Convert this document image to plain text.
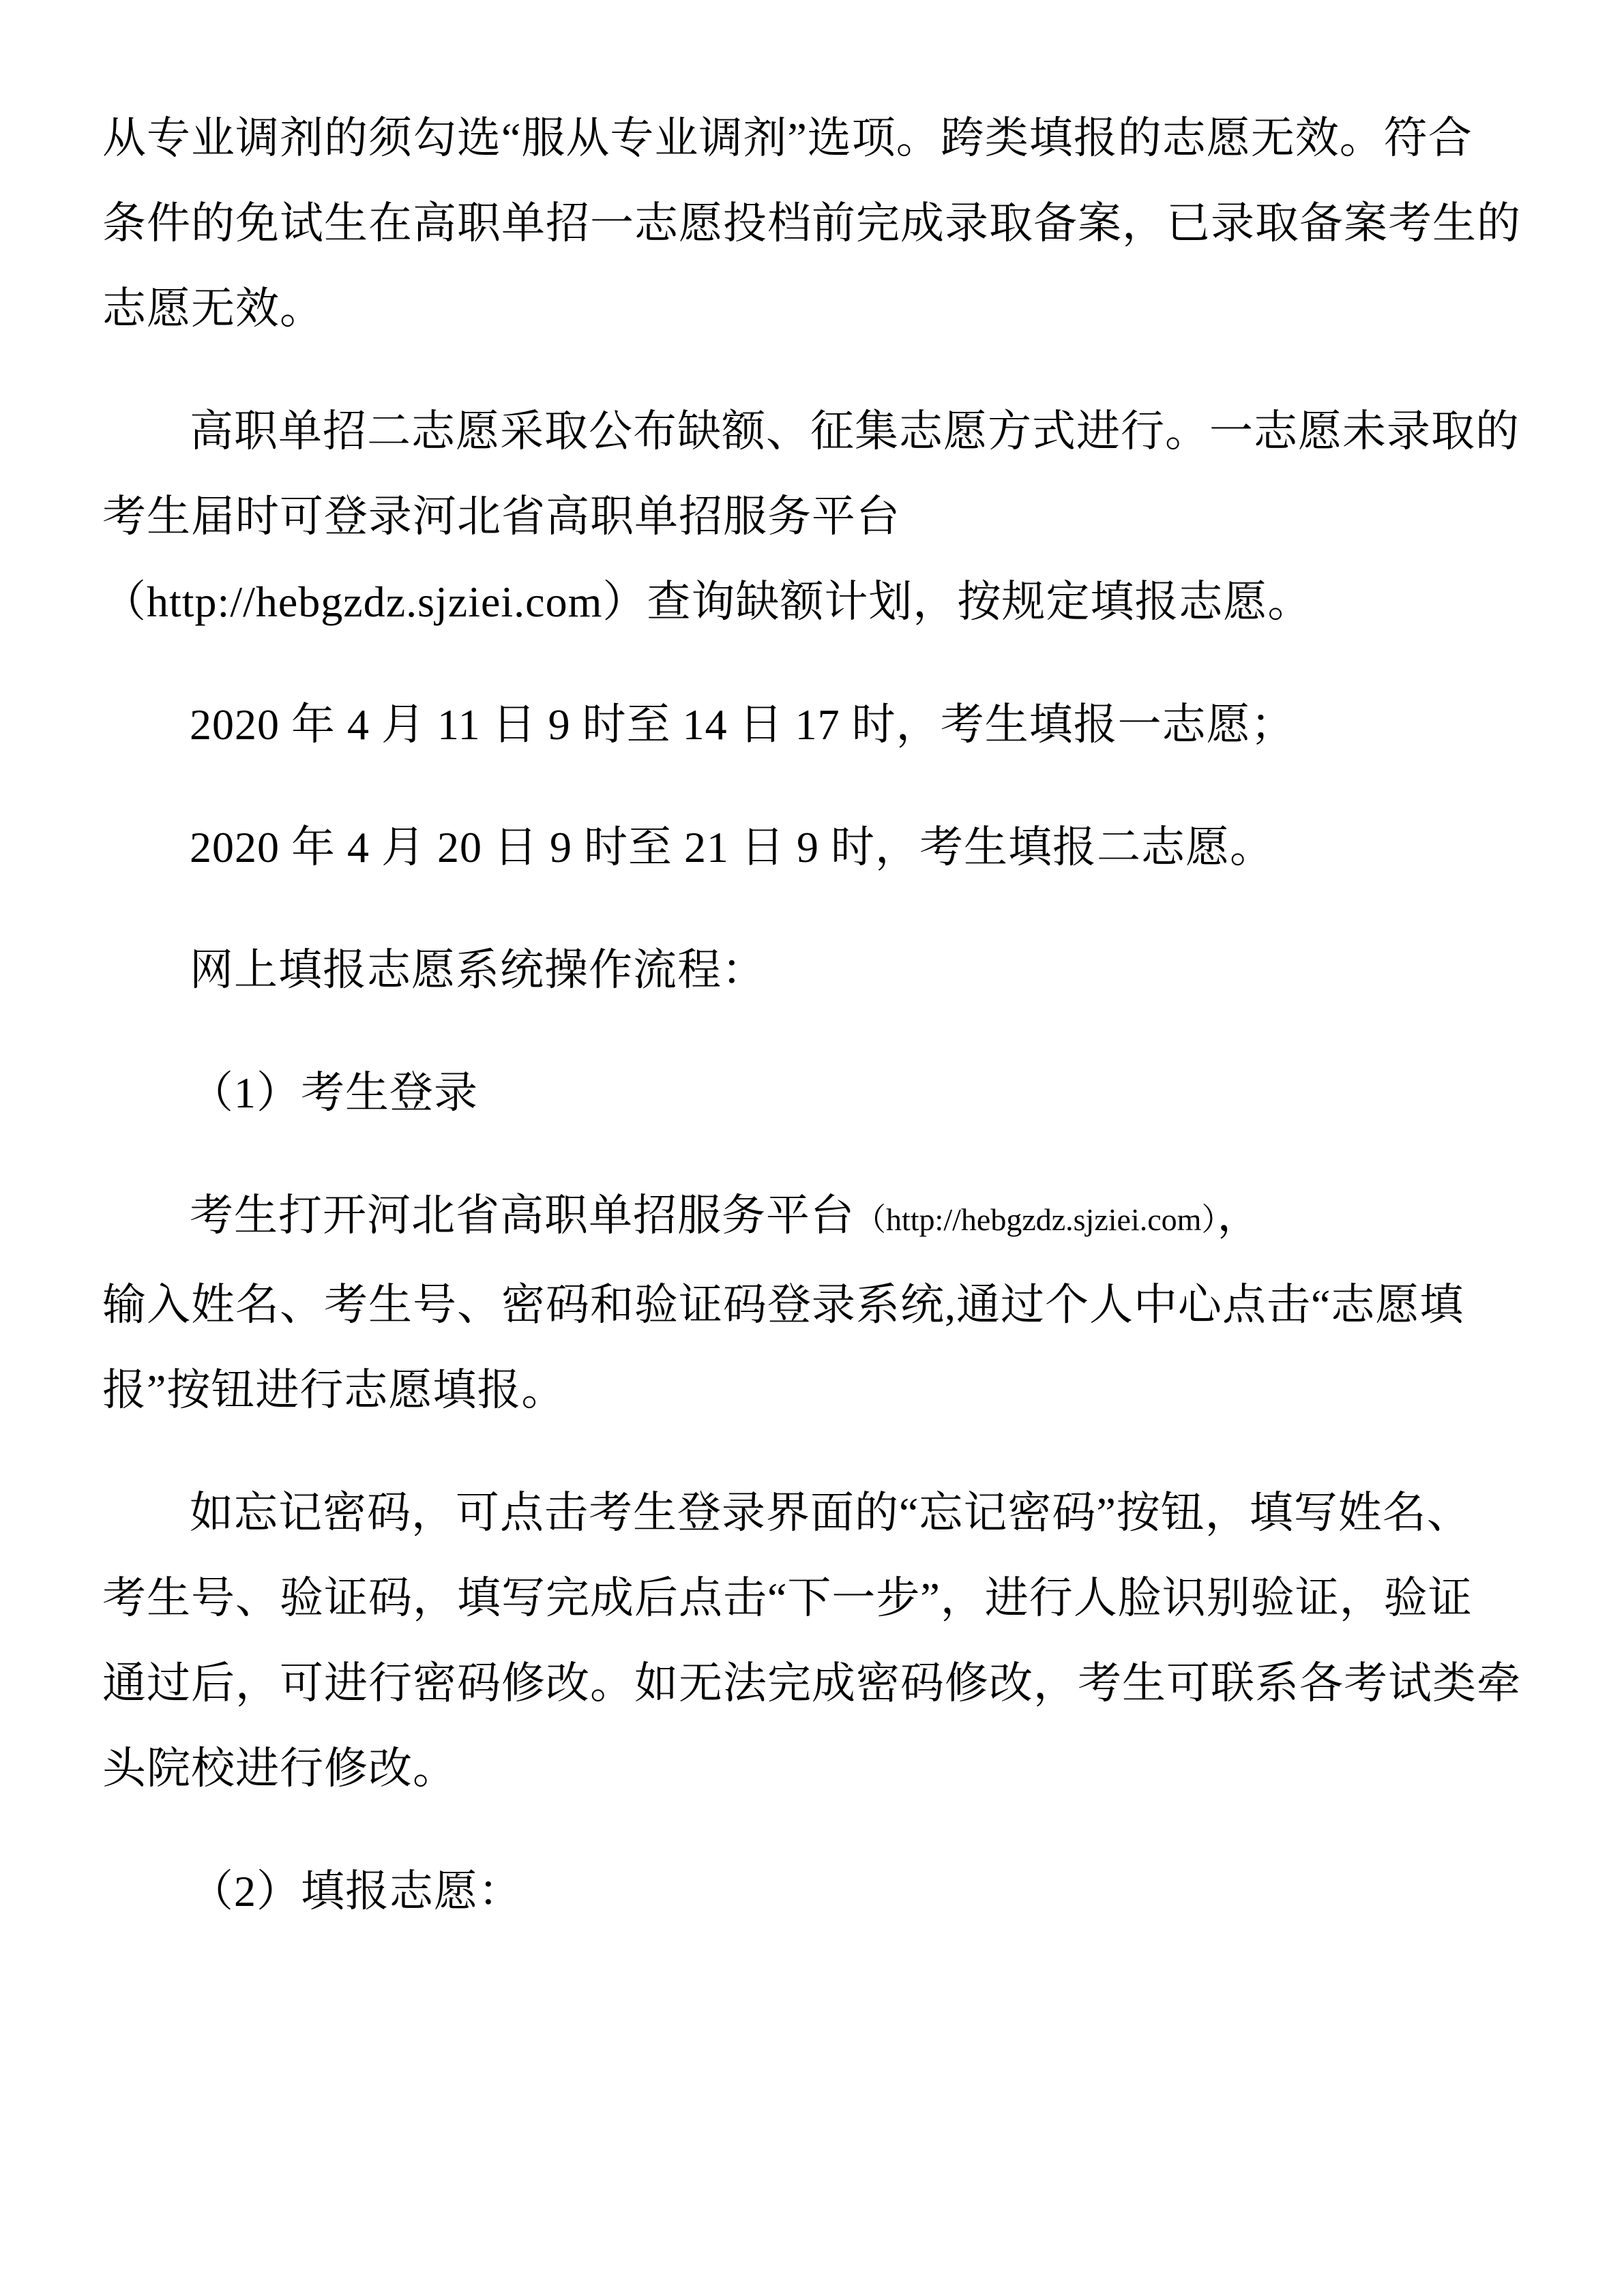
从专业调剂的须勾选“服从专业调剂”选项。跨类填报的志愿无效。符合
条件的免试生在高职单招一志愿投档前完成录取备案，已录取备案考生的
志愿无效。

高职单招二志愿采取公布缺额、征集志愿方式进行。一志愿未录取的
考生届时可登录河北省高职单招服务平台
（http://hebgzdz.sjziei.com）查询缺额计划，按规定填报志愿。

2020 年 4 月 11 日 9 时至 14 日 17 时，考生填报一志愿；

2020 年 4 月 20 日 9 时至 21 日 9 时，考生填报二志愿。

网上填报志愿系统操作流程：

（1）考生登录

考生打开河北省高职单招服务平台（http://hebgzdz.sjziei.com），
输入姓名、考生号、密码和验证码登录系统,通过个人中心点击“志愿填
报”按钮进行志愿填报。

如忘记密码，可点击考生登录界面的“忘记密码”按钮，填写姓名、
考生号、验证码，填写完成后点击“下一步”，进行人脸识别验证，验证
通过后，可进行密码修改。如无法完成密码修改，考生可联系各考试类牵
头院校进行修改。

（2）填报志愿：
